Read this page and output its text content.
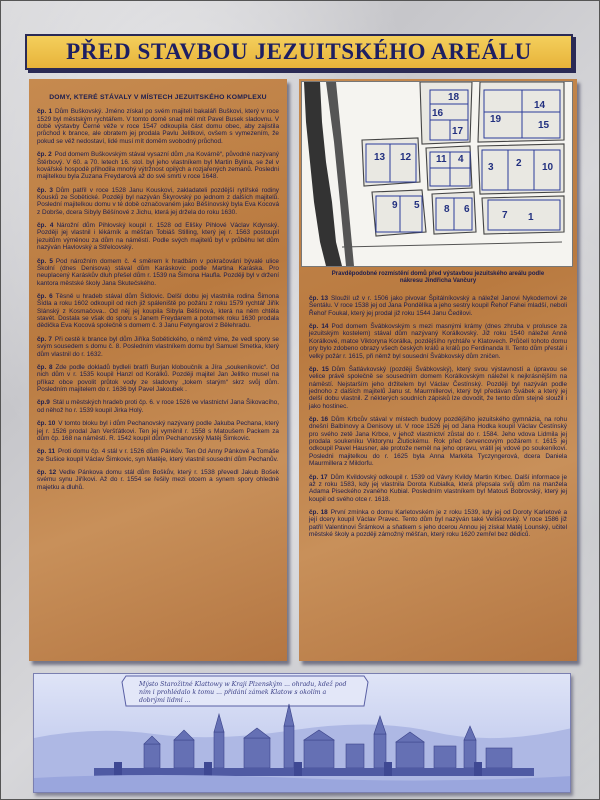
PŘED STAVBOU JEZUITSKÉHO AREÁLU
DOMY, KTERÉ STÁVALY V MÍSTECH JEZUITSKÉHO KOMPLEXU
čp. 1 Dům Buškovský. Jméno získal po svém majiteli bakaláři Buškovi, který v roce 1529 byl městským rychtářem. V tomto domě snad měl mít Pavel Busek sladovnu. V době výstavby Černé věže v roce 1547 odkoupila část domu obec, aby zajistila průchod k brance, ale obratem jej prodala Pavlu Jelitkovi, ovšem s vymezením, že pokud se věž nedostaví, lidé musí mít doměm svobodný průchod.
čp. 2 Pod domem Buškovským stával vysazní dům „na Kovárně“, původně nazývaný Štěrbový. V 60. a 70. letech 16. stol. byl jeho vlastníkem byl Martin Bylina, se žel v kovářské hospodě přihodila mnohý výtržnost opilých a rozjařených zemanů. Posledni majitelkou byla Zuzana Freydarová až do své smrti v roce 1648.
čp. 3 Dům patřil v roce 1528 Janu Kouskovi, zakladateli pozdější rytířské rodiny Kousků ze Sobětické. Později byl nazýván Škyrovský po jednom z dalších majitelů. Poslední majitelkou domu v té době označovaném jako Běšínovský byla Eva Kocová z Dobrše, dcera Sibyly Běšínové z Jichu, která jej držela do roku 1630.
čp. 4 Nárožní dům Pihlovský koupil r. 1528 od Elišky Pihlové Václav Kdynský. Později jej vlastnil i lékárník a měšťan Tobiáš Stilling, který jej r. 1563 postoupil jezuitům výměnou za dům na náměstí. Podle svých majitelů byl v průběhu let dům nazýván Havlovský a Střelcovský.
čp. 5 Pod nárožním domem č. 4 směrem k hradbám v pokračování bývalé ulice Školní (dnes Denisova) stával dům Karáskovic podle Martina Karáska. Pro neuplacený Karáskův dluh přešel dům r. 1539 na Šimona Haufla. Později byl v držení kantora městské školy Jana Skutečského.
čp. 6 Těsně u hradeb stával dům Šídlovic. Delší dobu jej vlastnila rodina Šimona Šídla a roku 1602 odkoupil od nich již spáleniště po požáru z roku 1579 rychtář Jiřík Slánský z Kosmačova.. Od něj jej koupila Sibyla Běšínová, která na něm chtěla stavět. Dostala se však do sporu s Janem Freydarem a potomek roku 1630 prodala dědička Eva Kocová společně s domem č. 3 Janu Fetyngarovi z Bělehradu.
čp. 7 Při cestě k brance byl dům Jiříka Sobětického, o němž víme, že vedl spory se svým sousedem s domu č. 8. Posledním vlastníkem domu byl Samuel Smetka, který dům vlastnil do r. 1632.
čp. 8 Zde podle dokladů bydleli bratři Burjan kloboučník a Jíra „soukeníkovic“. Od nich dům v r. 1535 koupil Hanzl od Korálků. Později majitel Jan Jelitko musel na příkaz obce povolit průtok vody ze sladovny „tokem starým“ skrz svůj dům. Posledním majitelem do r. 1636 byl Pavel Jakoubek .
čp.9 Stál u městských hradeb proti čp. 6. v roce 1526 ve vlastnictví Jana Šikovacího, od něhož ho r. 1539 koupil Jirka Holý.
čp. 10 V tomto bloku byl i dům Pechanovský nazývaný podle Jakuba Pechana, který jej r. 1526 prodal Jan Veršťátkovi. Ten jej vyměnil r. 1558 s Matoušem Packem za dům čp. 168 na náměstí. R. 1542 koupil dům Pechanovský Matěj Šimkovic.
čp. 11 Proti domu čp. 4 stál v r. 1526 dům Pánkův. Ten Od Anny Pánkové a Tomáše ze Sušice koupil Václav Šimkovic, syn Matěje, který vlastnil sousední dům Pechanův.
čp. 12 Vedle Pánkova domu stál dům Boškův, který r. 1538 převedl Jakub Bošek svému synu Jiříkovi. Až do r. 1554 se řešily mezi otcem a synem spory ohledně majetku a dluhů.
18
16
17
14
19
15
13 12 11 4
3 2 10
9 5 8 6
7 1
Pravděpodobné rozmístění domů před výstavbou jezuitského areálu podle nákresu Jindřicha Vančury
čp. 13 Sloužil už v r. 1506 jako pivovar Špitálníkovský a náležel Janovi Nykodemovi ze Šentálu. V roce 1538 jej od Jana Pondělíka a jeho sestry koupil Řehoř Fahei mladší, neboli Řehoř Foukal, který jej prodal již roku 1544 Janu Čedilovi.
čp. 14 Pod domem Švábkovským s mezi masnými krámy (dnes zhruba v prolusce za jezuitským kostelem) stával dům nazývaný Korálkovský. Již roku 1540 náležel Anně Korálkové, matce Viktoryna Korálka, pozdějšího rychtáře v Klatovech. Průčelí tohoto domu pry bylo zdobeno obrazy všech českých králů a králů po Ferdinanda II. Tento dům přestál i velký požár r. 1615, při němž byl sousední Švábkovský dům zničen.
čp. 15 Dům Šatlávkovský (později Švábkovský), který svou výstavností a úpravou se velice právě společně se sousedním domem Korálkovským náležel k nejkrásnějším na náměstí. Nejstarším jeho držitelem byl Václav Čestínský. Později byl nazýván podle jednoho z dalších majitelů Janu st. Maurmillerovi, který byl předávan Švábek a který jej delší dobu vlastnil. Z některých soudních zápisků lze dovodit, že tento dům stejně sloužil i jako hostinec.
čp. 16 Dům Krbcův stával v místech budovy pozdějšího jezuitského gymnázia, na rohu dnešní Balbínovy a Denisovy ul. V roce 1526 jej od Jana Hodka koupil Václav Čestínský pro svého zetě Jana Krbce, v jehož vlastnictví zůstal do r. 1584. Jeho vdova Lidmila jej prodala soukeníku Viktorynu Žlutickému. Rok před červencovým požárem r. 1615 jej odkoupil Pavel Hausner, ale protože neměl na jeho opravu, vrátil jej vdově po soukeníkovi. Posledni majitelkou do r. 1625 byla Anna Markéta Tyczyngerová, dcera Daniela Maurmillera z Mildorfu.
čp. 17 Dům Kvildovský odkoupil r. 1539 od Vávry Kvildy Martin Krbec. Další informace je až z roku 1583, kdy jej vlastnila Dorota Kubialka, která přepsala svůj dům na manžela Adama Piseckého zvaného Kubial. Posledním vlastníkem byl Matouš Bobrovský, který jej koupil od svého otce r. 1618.
čp. 18 První zmínka o domu Karletovském je z roku 1539, kdy jej od Doroty Karletové a její dcery koupil Václav Pravec. Tento dům byl nazýván také Veliškovský. V roce 1586 již patřil Valentinovi Šrámkovi a sňatkem s jeho dcerou Annou jej získal Matěj Lounský, učitel městské školy a později zámožný měšťan, který roku 1620 zemřel bez dědiců.
Mýsto Starožitné Klattowy w Kraji Plzenským ... ohradu, kdež pod ním i prohlédalo k tomu ... přidání zámek Klatow s okolím a dobrými lidmi ...
